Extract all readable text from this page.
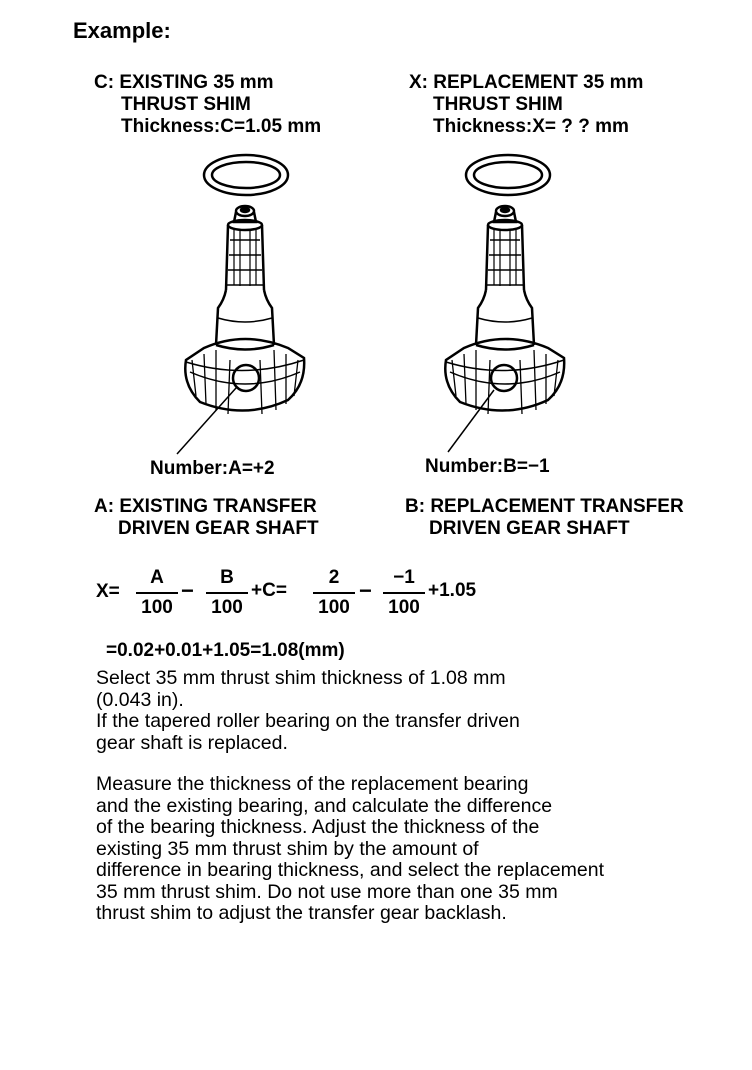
Example:
C: EXISTING 35 mm
THRUST SHIM
Thickness:C=1.05 mm
X: REPLACEMENT 35 mm
THRUST SHIM
Thickness:X= ? ? mm
Number:A=+2	Number:B=−1
A: EXISTING TRANSFER
DRIVEN GEAR SHAFT
B: REPLACEMENT TRANSFER
DRIVEN GEAR SHAFT
X=
A
100
−
B
100
+C=
2
100
−
−1
100
+1.05
=0.02+0.01+1.05=1.08(mm)
Select 35 mm thrust shim thickness of 1.08 mm
(0.043 in).
If the tapered roller bearing on the transfer driven
gear shaft is replaced.
Measure the thickness of the replacement bearing
and the existing bearing, and calculate the difference
of the bearing thickness. Adjust the thickness of the
existing 35 mm thrust shim by the amount of
difference in bearing thickness, and select the replacement
35 mm thrust shim. Do not use more than one 35 mm
thrust shim to adjust the transfer gear backlash.
